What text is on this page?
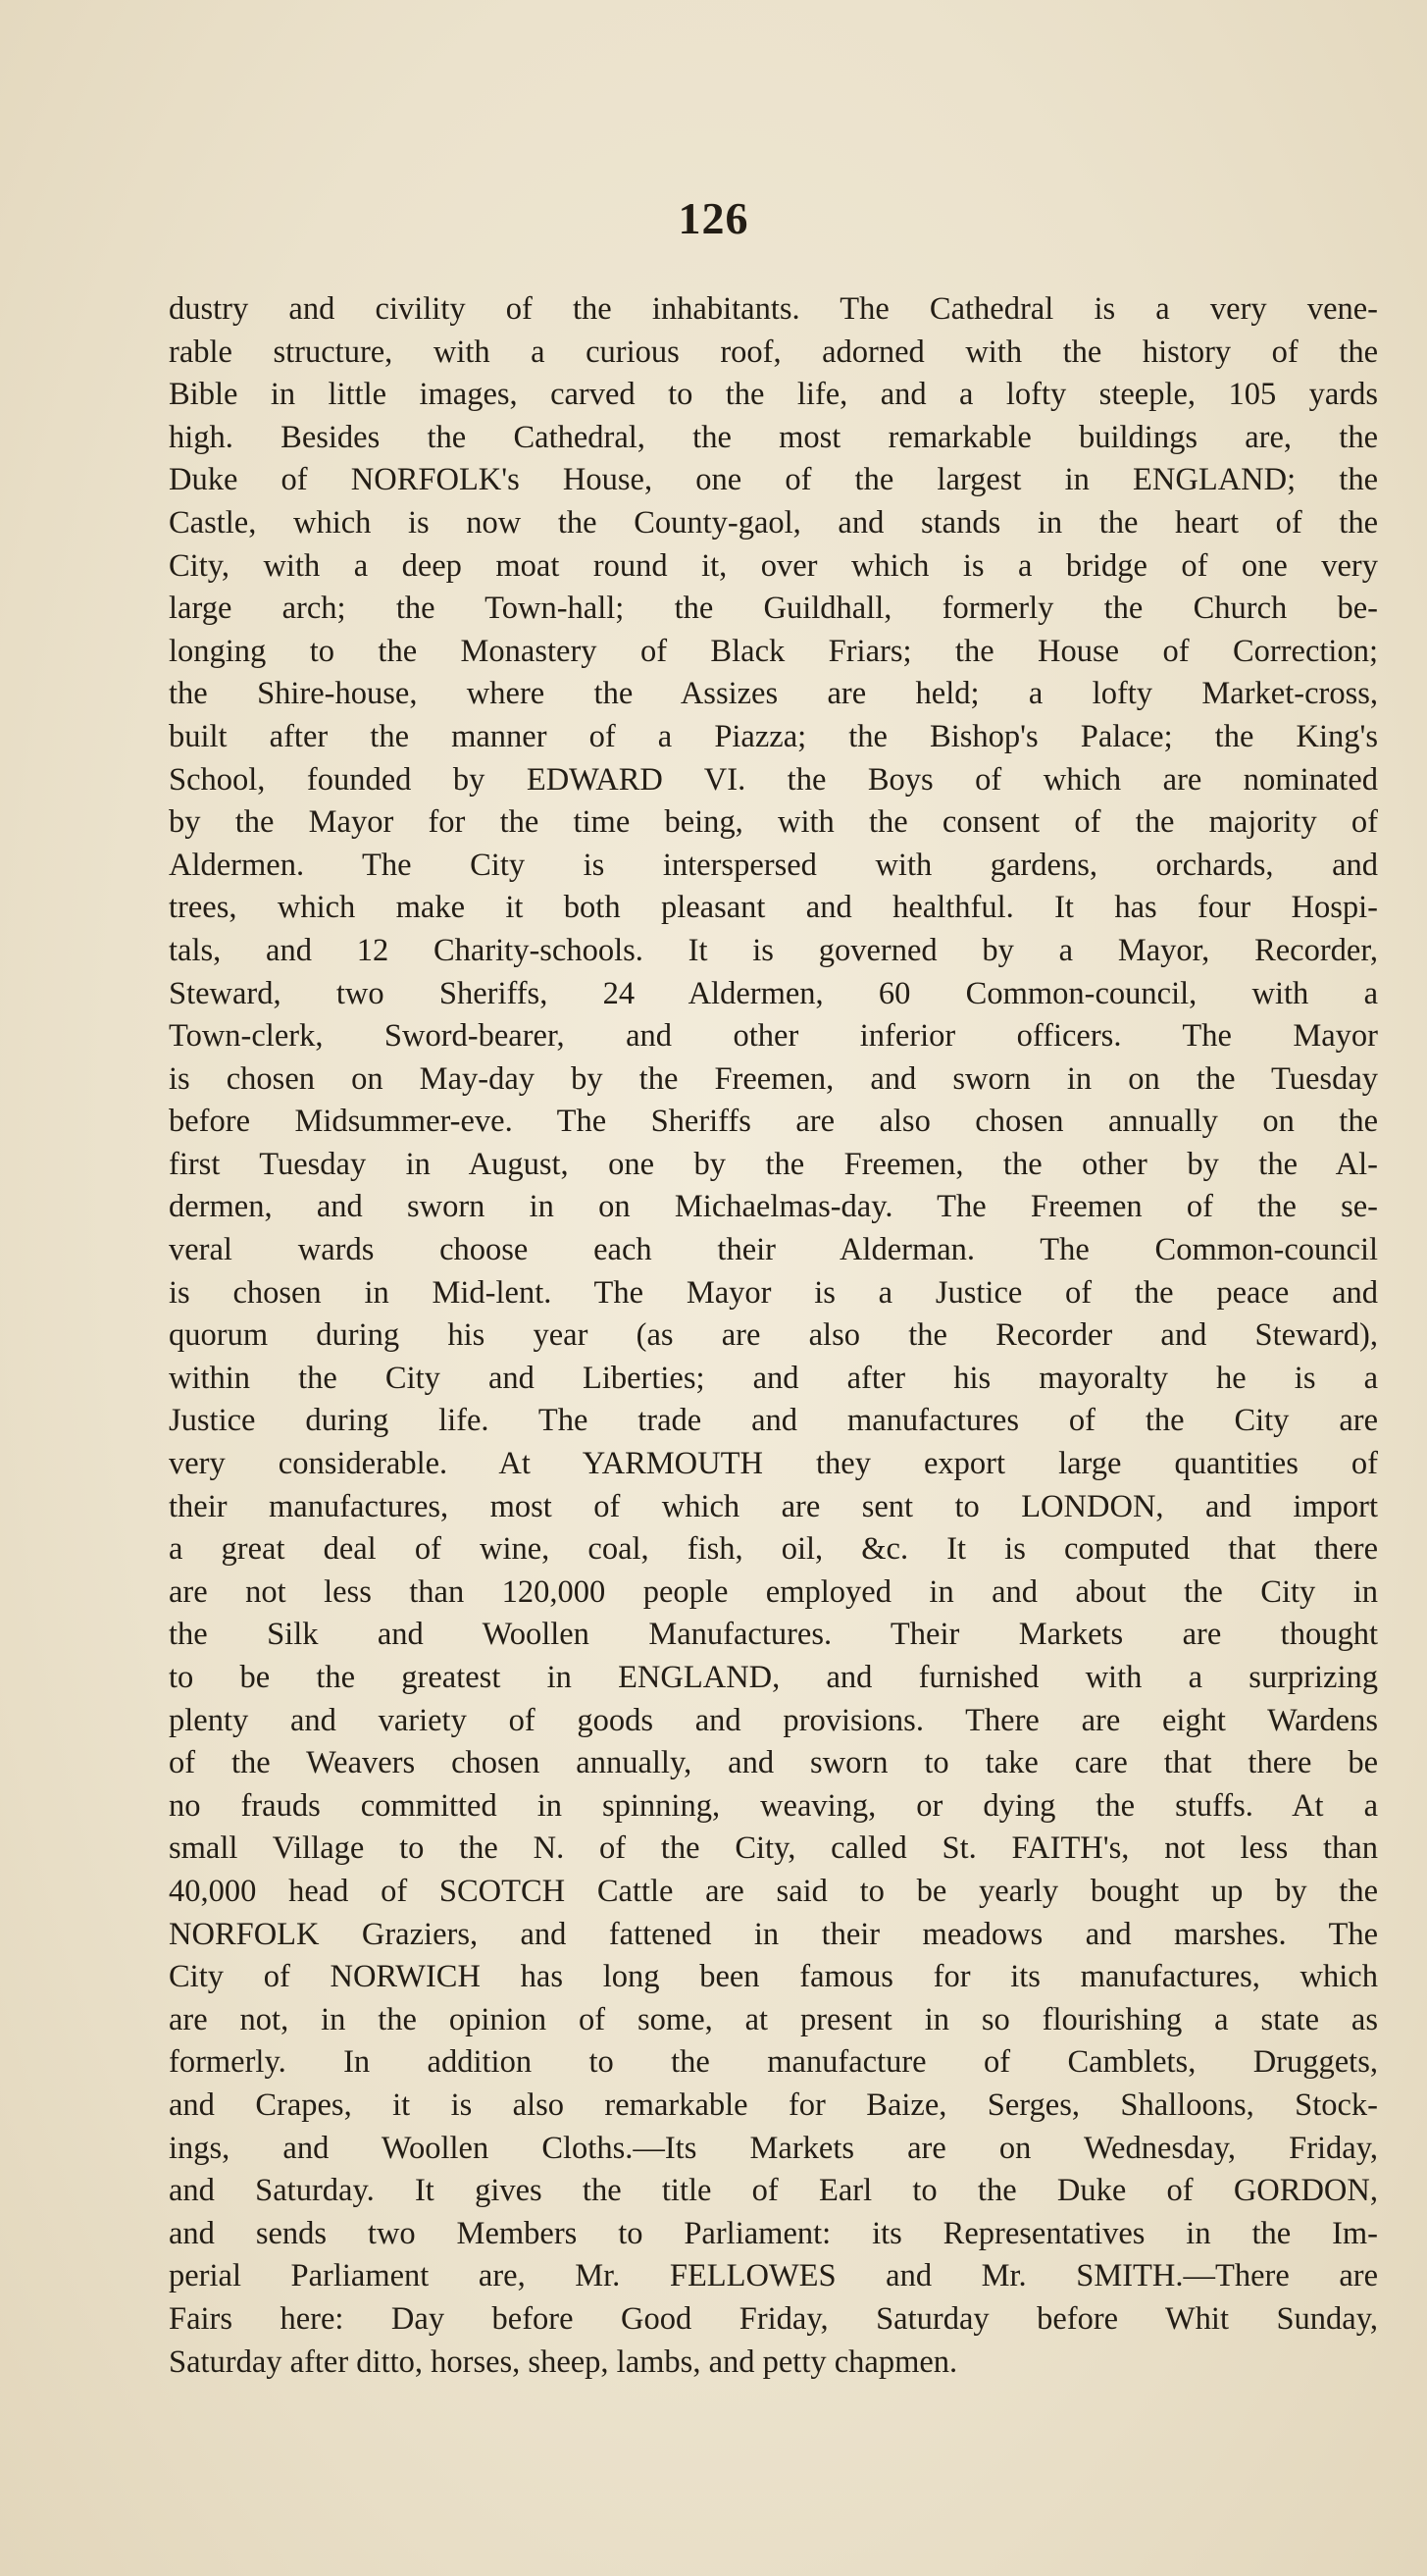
126
dustry and civility of the inhabitants. The Cathedral is a very vene-
rable structure, with a curious roof, adorned with the history of the
Bible in little images, carved to the life, and a lofty steeple, 105 yards
high. Besides the Cathedral, the most remarkable buildings are, the
Duke of NORFOLK's House, one of the largest in ENGLAND; the
Castle, which is now the County-gaol, and stands in the heart of the
City, with a deep moat round it, over which is a bridge of one very
large arch; the Town-hall; the Guildhall, formerly the Church be-
longing to the Monastery of Black Friars; the House of Correction;
the Shire-house, where the Assizes are held; a lofty Market-cross,
built after the manner of a Piazza; the Bishop's Palace; the King's
School, founded by EDWARD VI. the Boys of which are nominated
by the Mayor for the time being, with the consent of the majority of
Aldermen. The City is interspersed with gardens, orchards, and
trees, which make it both pleasant and healthful. It has four Hospi-
tals, and 12 Charity-schools. It is governed by a Mayor, Recorder,
Steward, two Sheriffs, 24 Aldermen, 60 Common-council, with a
Town-clerk, Sword-bearer, and other inferior officers. The Mayor
is chosen on May-day by the Freemen, and sworn in on the Tuesday
before Midsummer-eve. The Sheriffs are also chosen annually on the
first Tuesday in August, one by the Freemen, the other by the Al-
dermen, and sworn in on Michaelmas-day. The Freemen of the se-
veral wards choose each their Alderman. The Common-council
is chosen in Mid-lent. The Mayor is a Justice of the peace and
quorum during his year (as are also the Recorder and Steward),
within the City and Liberties; and after his mayoralty he is a
Justice during life. The trade and manufactures of the City are
very considerable. At YARMOUTH they export large quantities of
their manufactures, most of which are sent to LONDON, and import
a great deal of wine, coal, fish, oil, &c. It is computed that there
are not less than 120,000 people employed in and about the City in
the Silk and Woollen Manufactures. Their Markets are thought
to be the greatest in ENGLAND, and furnished with a surprizing
plenty and variety of goods and provisions. There are eight Wardens
of the Weavers chosen annually, and sworn to take care that there be
no frauds committed in spinning, weaving, or dying the stuffs. At a
small Village to the N. of the City, called St. FAITH's, not less than
40,000 head of SCOTCH Cattle are said to be yearly bought up by the
NORFOLK Graziers, and fattened in their meadows and marshes. The
City of NORWICH has long been famous for its manufactures, which
are not, in the opinion of some, at present in so flourishing a state as
formerly. In addition to the manufacture of Camblets, Druggets,
and Crapes, it is also remarkable for Baize, Serges, Shalloons, Stock-
ings, and Woollen Cloths.—Its Markets are on Wednesday, Friday,
and Saturday. It gives the title of Earl to the Duke of GORDON,
and sends two Members to Parliament: its Representatives in the Im-
perial Parliament are, Mr. FELLOWES and Mr. SMITH.—There are
Fairs here: Day before Good Friday, Saturday before Whit Sunday,
Saturday after ditto, horses, sheep, lambs, and petty chapmen.
